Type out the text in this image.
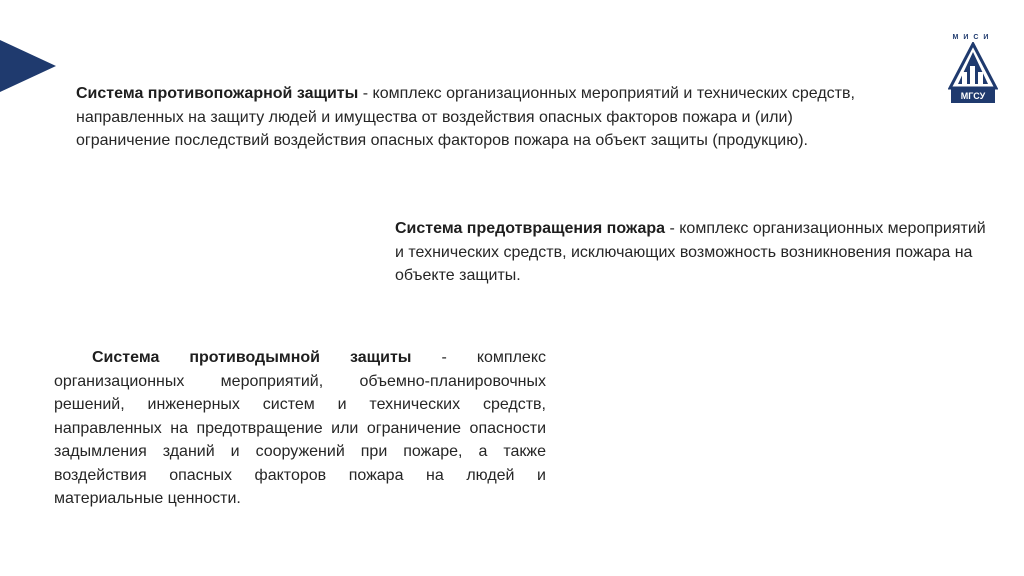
МИСИ
МГСУ

Система противопожарной защиты - комплекс организационных мероприятий и технических средств, направленных на защиту людей и имущества от воздействия опасных факторов пожара и (или) ограничение последствий воздействия опасных факторов пожара на объект защиты (продукцию).

Система предотвращения пожара - комплекс организационных мероприятий и технических средств, исключающих возможность возникновения пожара на объекте защиты.

Система противодымной защиты - комплекс организационных мероприятий, объемно-планировочных решений, инженерных систем и технических средств, направленных на предотвращение или ограничение опасности задымления зданий и сооружений при пожаре, а также воздействия опасных факторов пожара на людей и материальные ценности.
